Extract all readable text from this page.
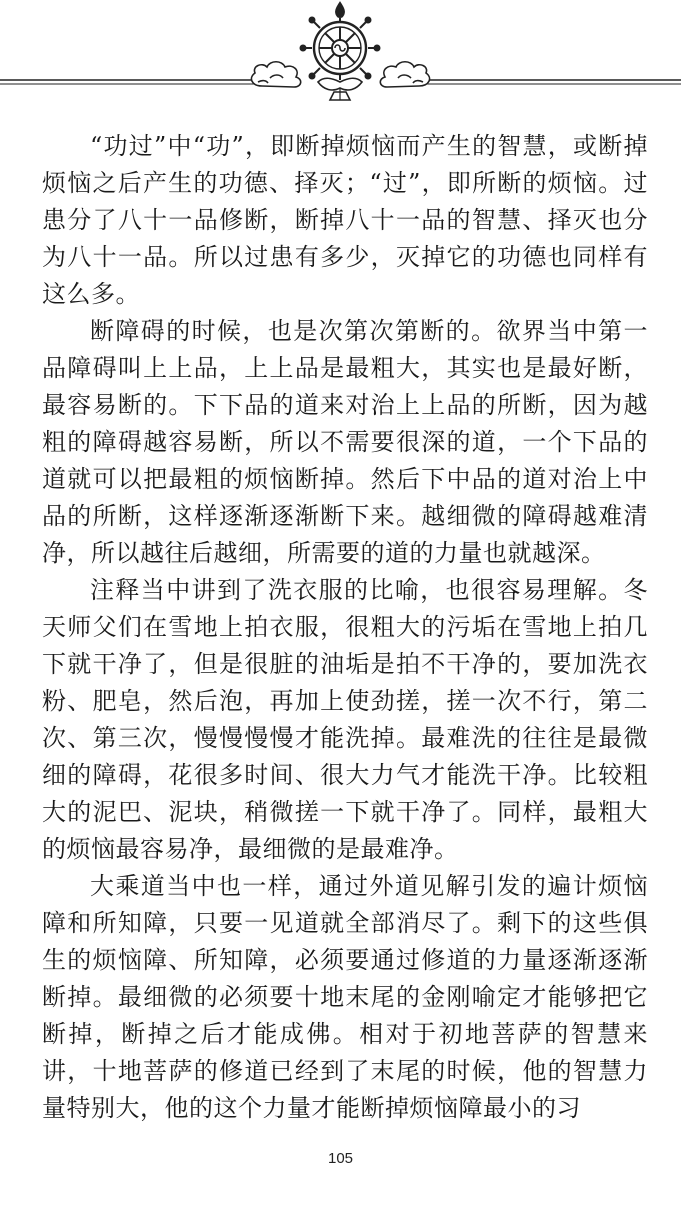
“功过”中“功”，即断掉烦恼而产生的智慧，或断掉烦恼之后产生的功德、择灭；“过”，即所断的烦恼。过患分了八十一品修断，断掉八十一品的智慧、择灭也分为八十一品。所以过患有多少，灭掉它的功德也同样有这么多。

断障碍的时候，也是次第次第断的。欲界当中第一品障碍叫上上品，上上品是最粗大，其实也是最好断，最容易断的。下下品的道来对治上上品的所断，因为越粗的障碍越容易断，所以不需要很深的道，一个下品的道就可以把最粗的烦恼断掉。然后下中品的道对治上中品的所断，这样逐渐逐渐断下来。越细微的障碍越难清净，所以越往后越细，所需要的道的力量也就越深。

注释当中讲到了洗衣服的比喻，也很容易理解。冬天师父们在雪地上拍衣服，很粗大的污垢在雪地上拍几下就干净了，但是很脏的油垢是拍不干净的，要加洗衣粉、肥皂，然后泡，再加上使劲搓，搓一次不行，第二次、第三次，慢慢慢慢才能洗掉。最难洗的往往是最微细的障碍，花很多时间、很大力气才能洗干净。比较粗大的泥巴、泥块，稍微搓一下就干净了。同样，最粗大的烦恼最容易净，最细微的是最难净。

大乘道当中也一样，通过外道见解引发的遍计烦恼障和所知障，只要一见道就全部消尽了。剩下的这些俱生的烦恼障、所知障，必须要通过修道的力量逐渐逐渐断掉。最细微的必须要十地末尾的金刚喻定才能够把它断掉，断掉之后才能成佛。相对于初地菩萨的智慧来讲，十地菩萨的修道已经到了末尾的时候，他的智慧力量特别大，他的这个力量才能断掉烦恼障最小的习

105
